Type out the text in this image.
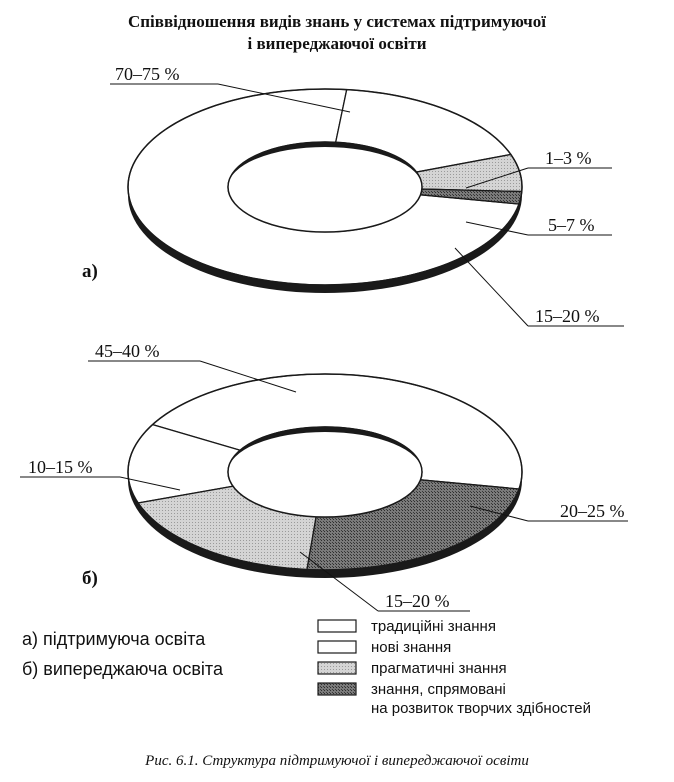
Співвідношення видів знань у системах підтримуючої
і випереджаючої освіти
70–75 %
15–20 %
5–7 %
1–3 %
45–40 %
10–15 %
15–20 %
20–25 %
а)
б)
а) підтримуюча освіта
б) випереджаюча освіта
традиційні знання
нові знання
прагматичні знання
знання, спрямовані
на розвиток творчих здібностей
Рис. 6.1. Структура підтримуючої і випереджаючої освіти
